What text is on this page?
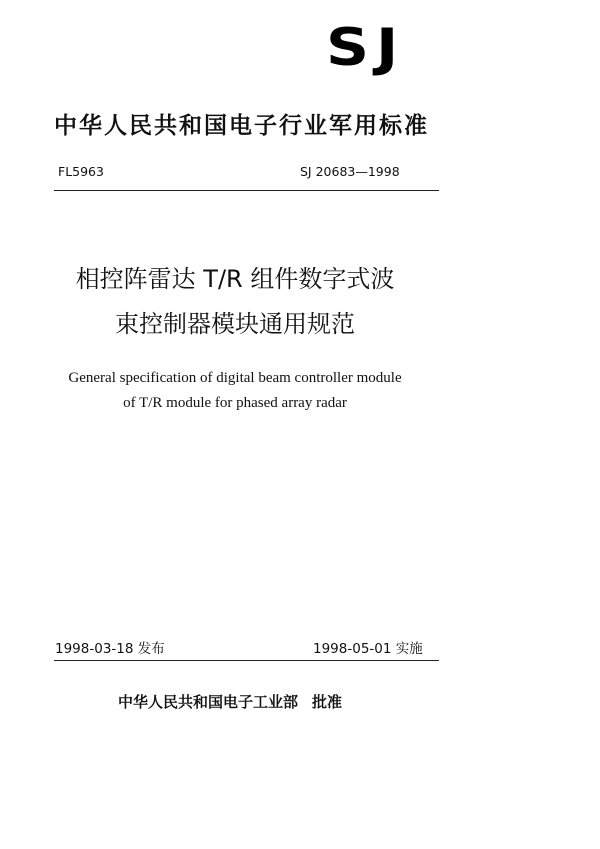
SJ
中华人民共和国电子行业军用标准
FL5963	SJ 20683—1998
相控阵雷达 T/R 组件数字式波
束控制器模块通用规范
General specification of digital beam controller module
of T/R module for phased array radar
1998-03-18 发布	1998-05-01 实施
中华人民共和国电子工业部 批准
